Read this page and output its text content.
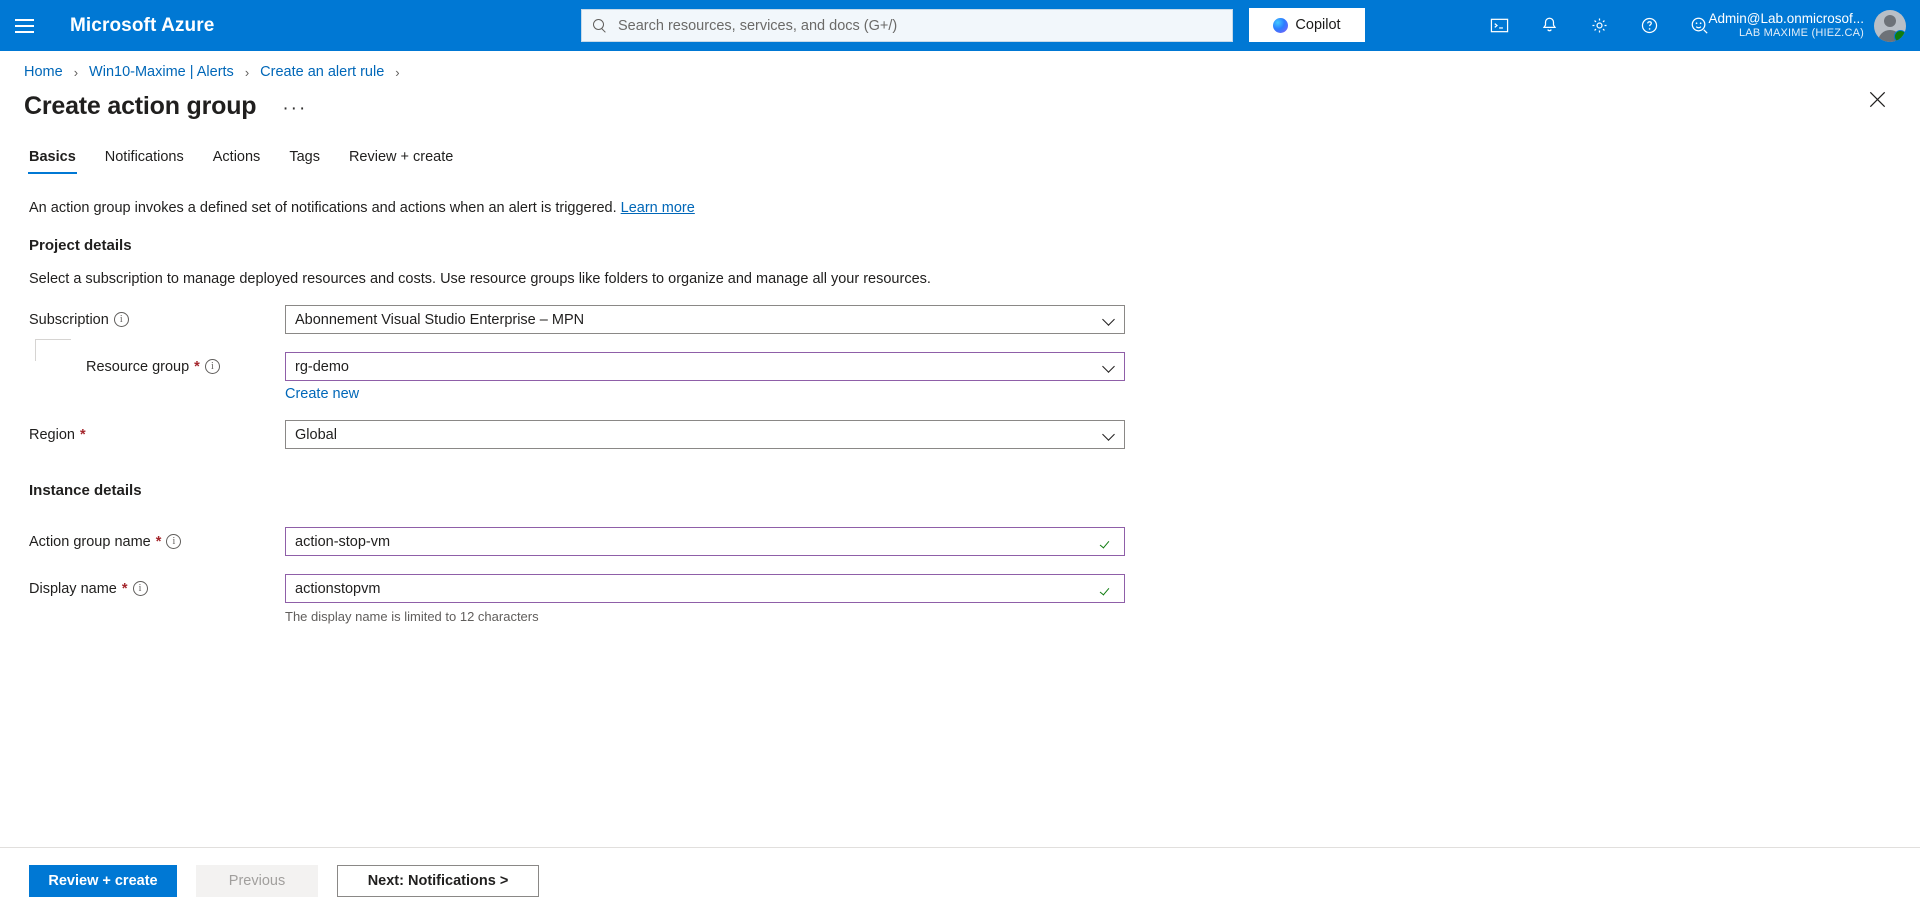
Microsoft Azure
Search resources, services, and docs (G+/)	Copilot	Admin@Lab.onmicrosof...
LAB MAXIME (HIEZ.CA)
Home › Win10-Maxime | Alerts › Create an alert rule ›
Create action group ···
Basics Notifications Actions Tags Review + create
An action group invokes a defined set of notifications and actions when an alert is triggered. Learn more
Project details
Select a subscription to manage deployed resources and costs. Use resource groups like folders to organize and manage all your resources.
Subscription	i
Abonnement Visual Studio Enterprise – MPN
Resource group *	i
rg-demo
Create new
Region *
Global
Instance details
Action group name *	i
action-stop-vm
Display name *	i
actionstopvm
The display name is limited to 12 characters
Review + create	Previous	Next: Notifications >
